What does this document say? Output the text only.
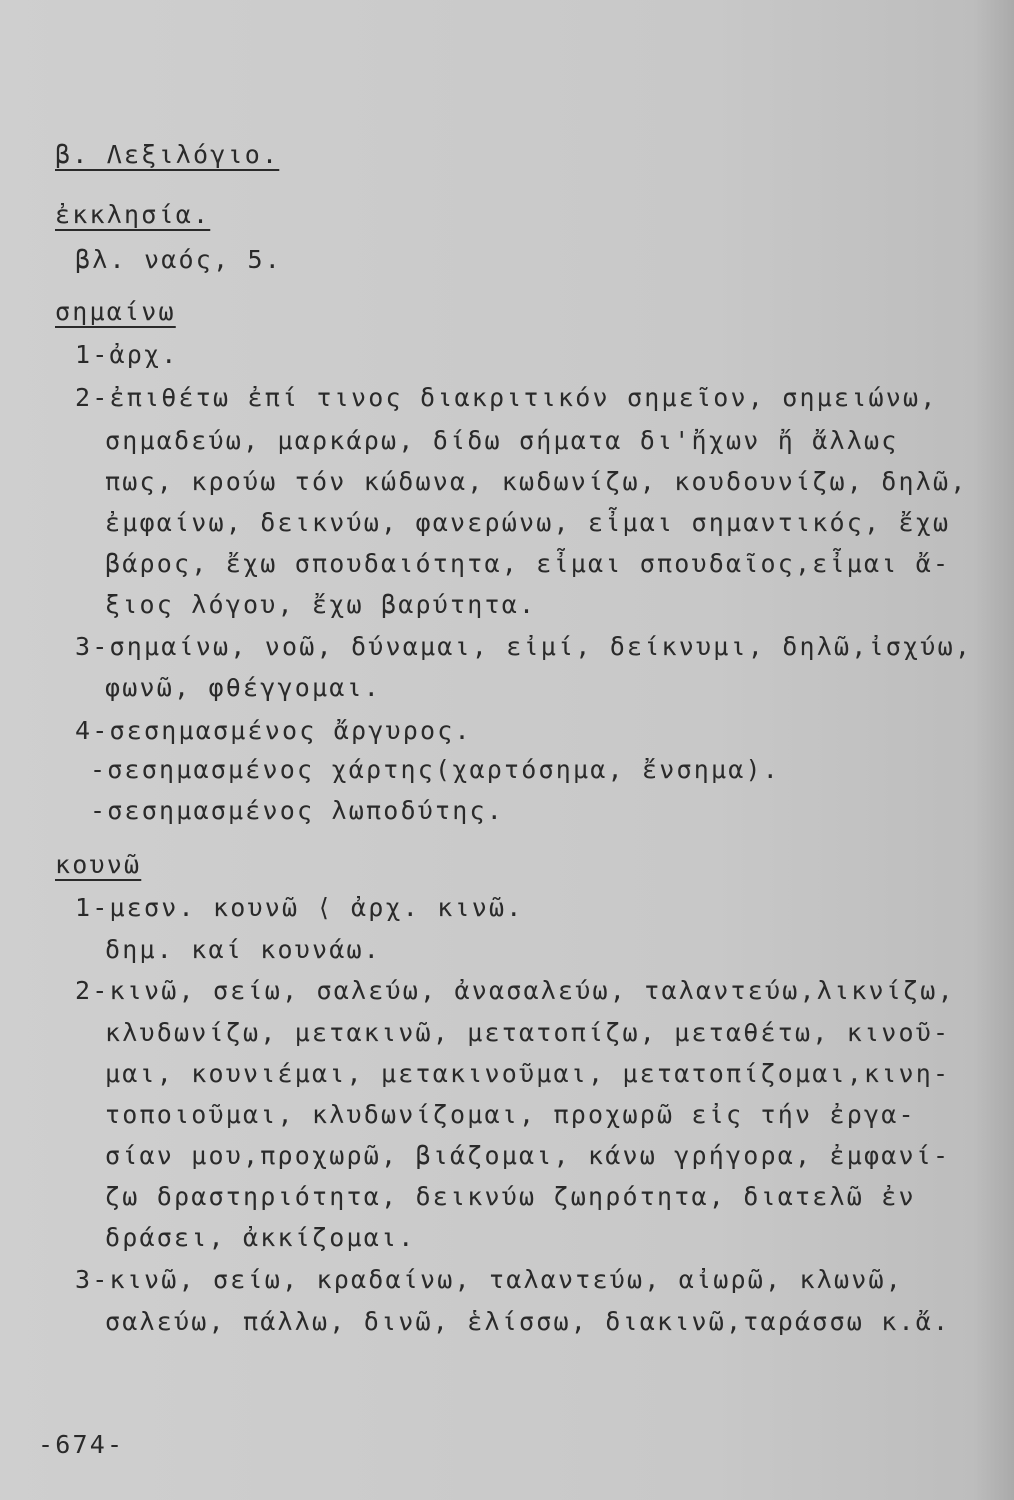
β. Λεξιλόγιο.
ἐκκλησία.
βλ. ναός, 5.
σημαίνω
1-ἀρχ.
2-ἐπιθέτω ἐπί τινος διακριτικόν σημεῖον, σημειώνω,
σημαδεύω, μαρκάρω, δίδω σήματα δι'ἤχων ἤ ἄλλως
πως, κρούω τόν κώδωνα, κωδωνίζω, κουδουνίζω, δηλῶ,
ἐμφαίνω, δεικνύω, φανερώνω, εἶμαι σημαντικός, ἔχω
βάρος, ἔχω σπουδαιότητα, εἶμαι σπουδαῖος,εἶμαι ἄ-
ξιος λόγου, ἔχω βαρύτητα.
3-σημαίνω, νοῶ, δύναμαι, εἰμί, δείκνυμι, δηλῶ,ἰσχύω,
φωνῶ, φθέγγομαι.
4-σεσημασμένος ἄργυρος.
-σεσημασμένος χάρτης(χαρτόσημα, ἔνσημα).
-σεσημασμένος λωποδύτης.
κουνῶ
1-μεσν. κουνῶ ⟨ ἀρχ. κινῶ.
δημ. καί κουνάω.
2-κινῶ, σείω, σαλεύω, ἀνασαλεύω, ταλαντεύω,λικνίζω,
κλυδωνίζω, μετακινῶ, μετατοπίζω, μεταθέτω, κινοῦ-
μαι, κουνιέμαι, μετακινοῦμαι, μετατοπίζομαι,κινη-
τοποιοῦμαι, κλυδωνίζομαι, προχωρῶ εἰς τήν ἐργα-
σίαν μου,προχωρῶ, βιάζομαι, κάνω γρήγορα, ἐμφανί-
ζω δραστηριότητα, δεικνύω ζωηρότητα, διατελῶ ἐν
δράσει, ἀκκίζομαι.
3-κινῶ, σείω, κραδαίνω, ταλαντεύω, αἰωρῶ, κλωνῶ,
σαλεύω, πάλλω, δινῶ, ἑλίσσω, διακινῶ,ταράσσω κ.ἄ.
-674-
